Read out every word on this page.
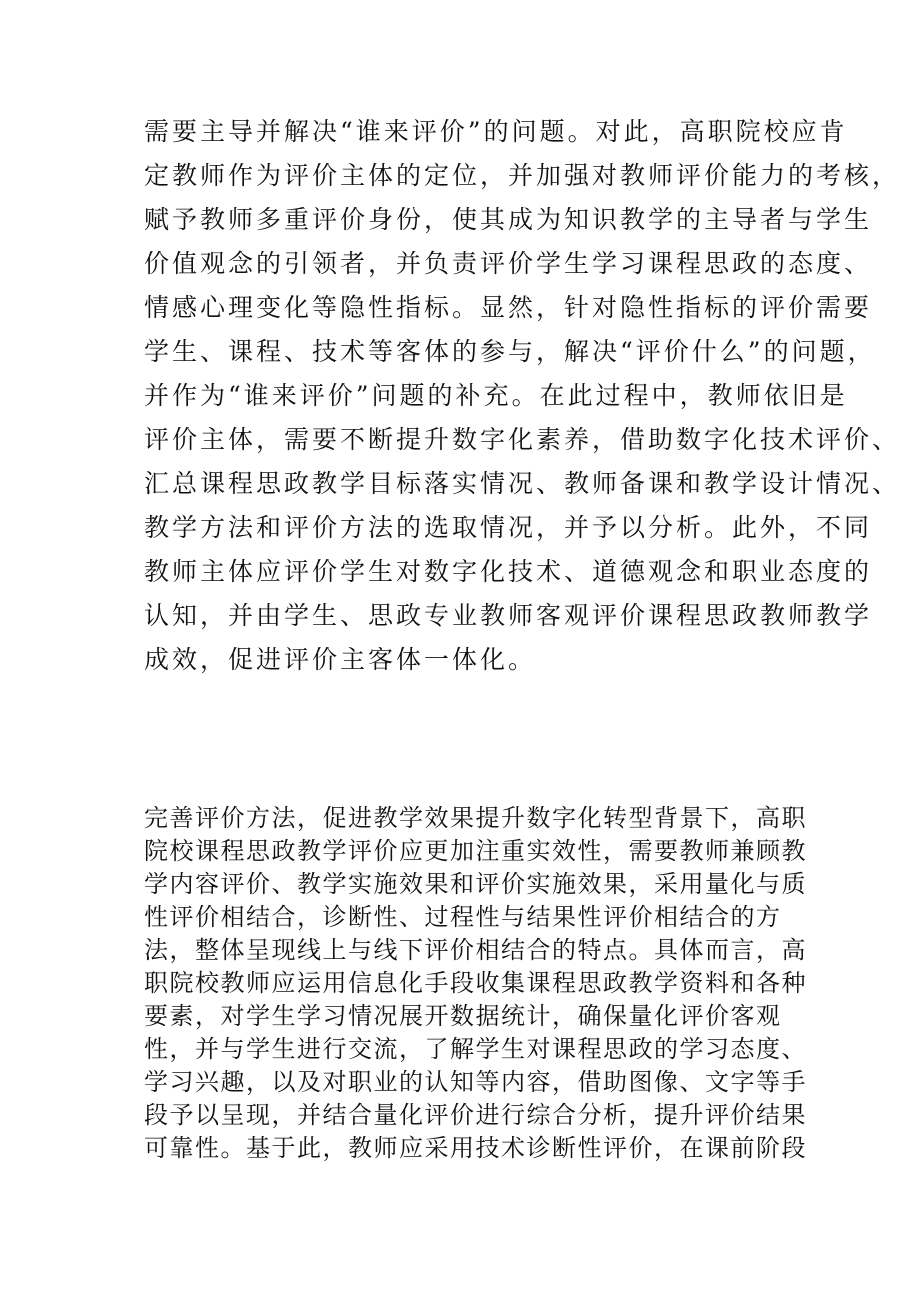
需要主导并解决“谁来评价”的问题。对此，高职院校应肯

定教师作为评价主体的定位，并加强对教师评价能力的考核，

赋予教师多重评价身份，使其成为知识教学的主导者与学生

价值观念的引领者，并负责评价学生学习课程思政的态度、

情感心理变化等隐性指标。显然，针对隐性指标的评价需要

学生、课程、技术等客体的参与，解决“评价什么”的问题，

并作为“谁来评价”问题的补充。在此过程中，教师依旧是

评价主体，需要不断提升数字化素养，借助数字化技术评价、

汇总课程思政教学目标落实情况、教师备课和教学设计情况、

教学方法和评价方法的选取情况，并予以分析。此外，不同

教师主体应评价学生对数字化技术、道德观念和职业态度的

认知，并由学生、思政专业教师客观评价课程思政教师教学

成效，促进评价主客体一体化。

完善评价方法，促进教学效果提升数字化转型背景下，高职

院校课程思政教学评价应更加注重实效性，需要教师兼顾教

学内容评价、教学实施效果和评价实施效果，采用量化与质

性评价相结合，诊断性、过程性与结果性评价相结合的方

法，整体呈现线上与线下评价相结合的特点。具体而言，高

职院校教师应运用信息化手段收集课程思政教学资料和各种

要素，对学生学习情况展开数据统计，确保量化评价客观

性，并与学生进行交流，了解学生对课程思政的学习态度、

学习兴趣，以及对职业的认知等内容，借助图像、文字等手

段予以呈现，并结合量化评价进行综合分析，提升评价结果

可靠性。基于此，教师应采用技术诊断性评价，在课前阶段
